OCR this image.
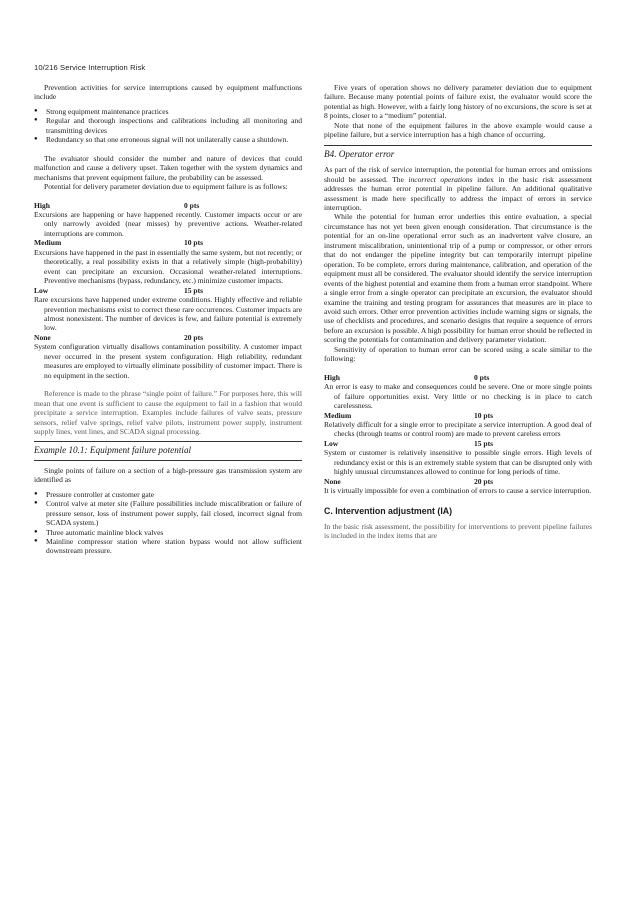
10/216 Service Interruption Risk

Prevention activities for service interruptions caused by equipment malfunctions include

● Strong equipment maintenance practices
● Regular and thorough inspections and calibrations including all monitoring and transmitting devices
● Redundancy so that one erroneous signal will not unilaterally cause a shutdown.

The evaluator should consider the number and nature of devices that could malfunction and cause a delivery upset. Taken together with the system dynamics and mechanisms that prevent equipment failure, the probability can be assessed.

Potential for delivery parameter deviation due to equipment failure is as follows:

High	0 pts

Excursions are happening or have happened recently. Customer impacts occur or are only narrowly avoided (near misses) by preventive actions. Weather-related interruptions are common.

Medium	10 pts

Excursions have happened in the past in essentially the same system, but not recently; or theoretically, a real possibility exists in that a relatively simple (high-probability) event can precipitate an excursion. Occasional weather-related interruptions. Preventive mechanisms (bypass, redundancy, etc.) minimize customer impacts.

Low	15 pts

Rare excursions have happened under extreme conditions. Highly effective and reliable prevention mechanisms exist to correct these rare occurrences. Customer impacts are almost nonexistent. The number of devices is few, and failure potential is extremely low.

None	20 pts

System configuration virtually disallows contamination possibility. A customer impact never occurred in the present system configuration. High reliability, redundant measures are employed to virtually eliminate possibility of customer impact. There is no equipment in the section.

Reference is made to the phrase “single point of failure.” For purposes here, this will mean that one event is sufficient to cause the equipment to fail in a fashion that would precipitate a service interruption. Examples include failures of valve seats, pressure sensors, relief valve springs, relief valve pilots, instrument power supply, instrument supply lines, vent lines, and SCADA signal processing.

Example 10.1: Equipment failure potential

Single points of failure on a section of a high-pressure gas transmission system are identified as

● Pressure controller at customer gate
● Control valve at meter site (Failure possibilities include miscalibration or failure of pressure sensor, loss of instrument power supply, fail closed, incorrect signal from SCADA system.)
● Three automatic mainline block valves
● Mainline compressor station where station bypass would not allow sufficient downstream pressure.

Five years of operation shows no delivery parameter deviation due to equipment failure. Because many potential points of failure exist, the evaluator would score the potential as high. However, with a fairly long history of no excursions, the score is set at 8 points, closer to a “medium” potential.

Note that none of the equipment failures in the above example would cause a pipeline failure, but a service interruption has a high chance of occurring.

B4. Operator error

As part of the risk of service interruption, the potential for human errors and omissions should be assessed. The incorrect operations index in the basic risk assessment addresses the human error potential in pipeline failure. An additional qualitative assessment is made here specifically to address the impact of errors in service interruption.

While the potential for human error underlies this entire evaluation, a special circumstance has not yet been given enough consideration. That circumstance is the potential for an on-line operational error such as an inadvertent valve closure, an instrument miscalibration, unintentional trip of a pump or compressor, or other errors that do not endanger the pipeline integrity but can temporarily interrupt pipeline operation. To be complete, errors during maintenance, calibration, and operation of the equipment must all be considered. The evaluator should identify the service interruption events of the highest potential and examine them from a human error standpoint. Where a single error from a single operator can precipitate an excursion, the evaluator should examine the training and testing program for assurances that measures are in place to avoid such errors. Other error prevention activities include warning signs or signals, the use of checklists and procedures, and scenario designs that require a sequence of errors before an excursion is possible. A high possibility for human error should be reflected in scoring the potentials for contamination and delivery parameter violation.

Sensitivity of operation to human error can be scored using a scale similar to the following:

High	0 pts

An error is easy to make and consequences could be severe. One or more single points of failure opportunities exist. Very little or no checking is in place to catch carelessness.

Medium	10 pts

Relatively difficult for a single error to precipitate a service interruption. A good deal of checks (through teams or control room) are made to prevent careless errors

Low	15 pts

System or customer is relatively insensitive to possible single errors. High levels of redundancy exist or this is an extremely stable system that can be disrupted only with highly unusual circumstances allowed to continue for long periods of time.

None	20 pts

It is virtually impossible for even a combination of errors to cause a service interruption.

C. Intervention adjustment (IA)

In the basic risk assessment, the possibility for interventions to prevent pipeline failures is included in the index items that are
